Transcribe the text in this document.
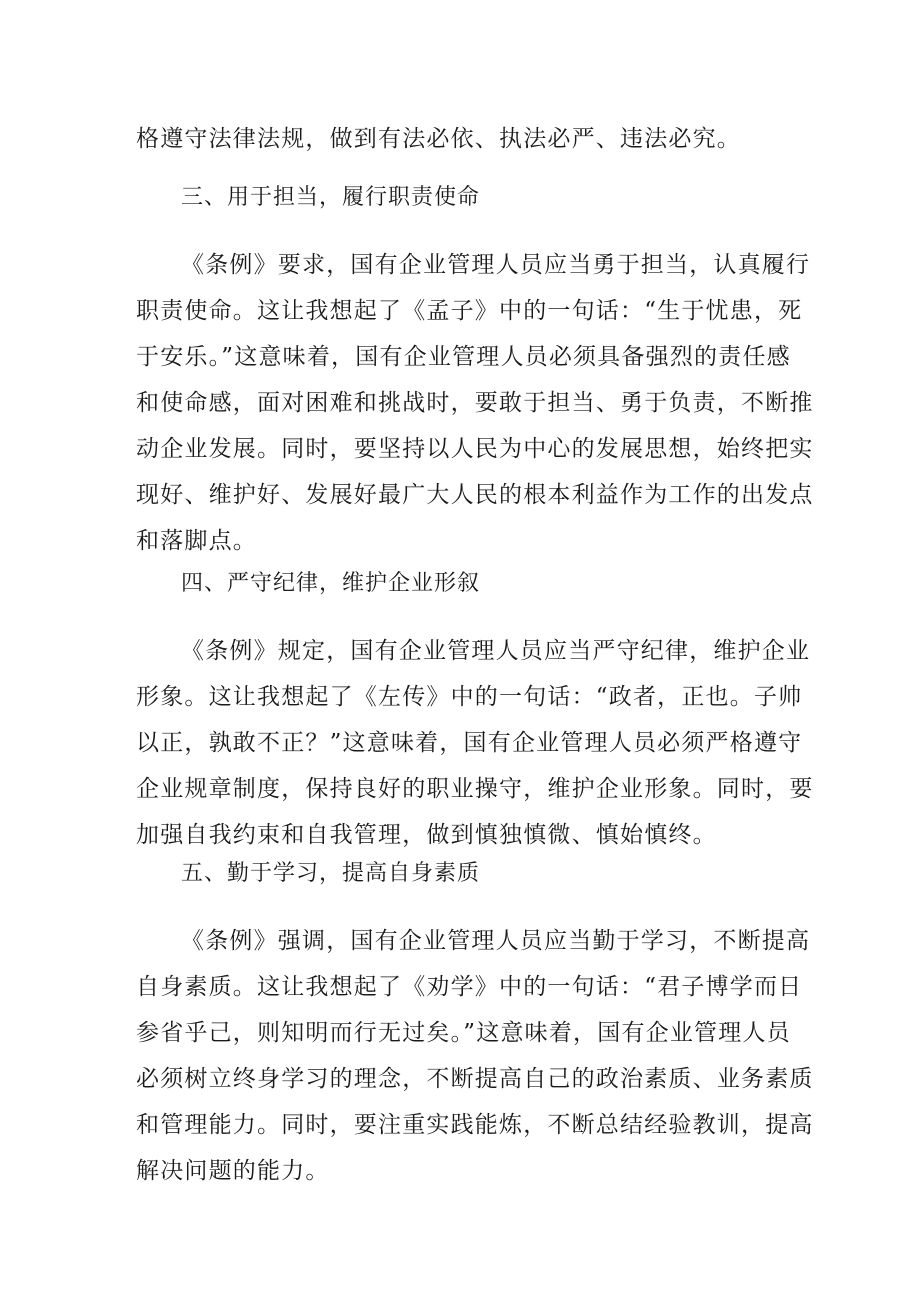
格遵守法律法规，做到有法必依、执法必严、违法必究。

三、用于担当，履行职责使命

《条例》要求，国有企业管理人员应当勇于担当，认真履行

职责使命。这让我想起了《孟子》中的一句话：“生于忧患，死

于安乐。”这意味着，国有企业管理人员必须具备强烈的责任感

和使命感，面对困难和挑战时，要敢于担当、勇于负责，不断推

动企业发展。同时，要坚持以人民为中心的发展思想，始终把实

现好、维护好、发展好最广大人民的根本利益作为工作的出发点

和落脚点。

四、严守纪律，维护企业形叙

《条例》规定，国有企业管理人员应当严守纪律，维护企业

形象。这让我想起了《左传》中的一句话：“政者，正也。子帅

以正，孰敢不正？”这意味着，国有企业管理人员必须严格遵守

企业规章制度，保持良好的职业操守，维护企业形象。同时，要

加强自我约束和自我管理，做到慎独慎微、慎始慎终。

五、勤于学习，提高自身素质

《条例》强调，国有企业管理人员应当勤于学习，不断提高

自身素质。这让我想起了《劝学》中的一句话：“君子博学而日

参省乎己，则知明而行无过矣。”这意味着，国有企业管理人员

必须树立终身学习的理念，不断提高自己的政治素质、业务素质

和管理能力。同时，要注重实践能炼，不断总结经验教训，提高

解决问题的能力。
